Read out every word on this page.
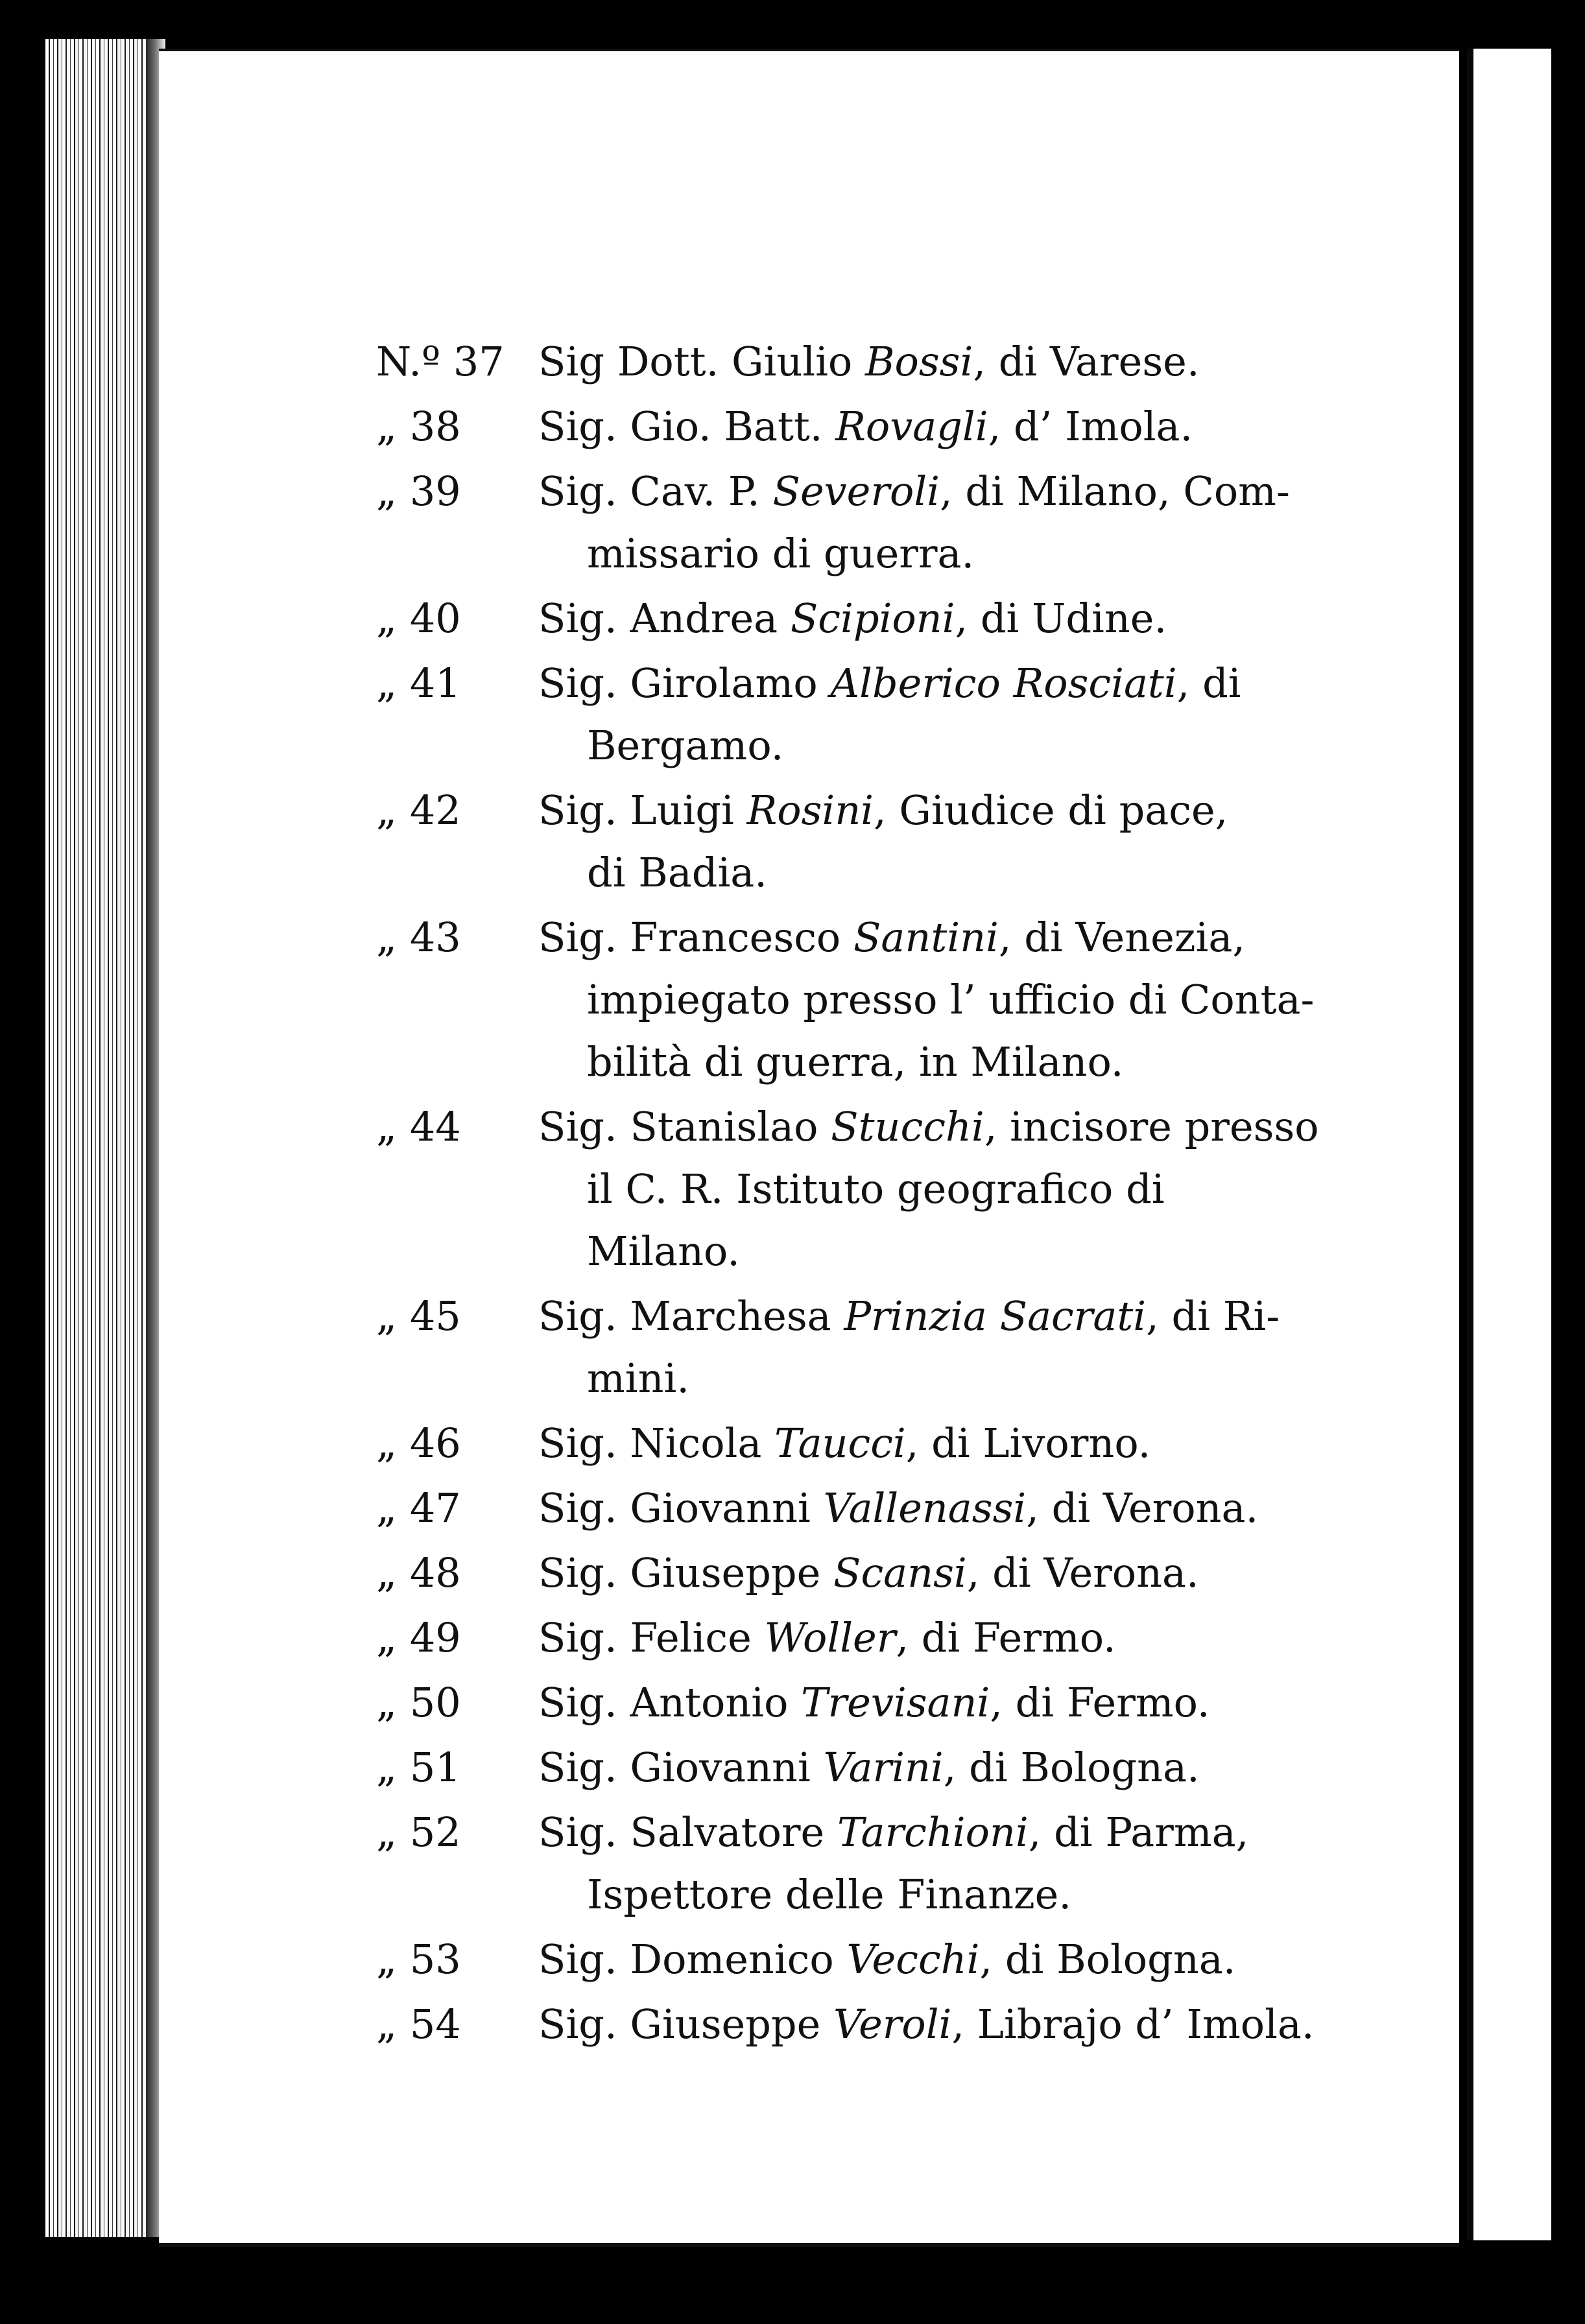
N.º 37 Sig Dott. Giulio Bossi, di Varese.
„ 38	Sig. Gio. Batt. Rovagli, d’ Imola.
„ 39	Sig. Cav. P. Severoli, di Milano, Com-
missario di guerra.
„ 40	Sig. Andrea Scipioni, di Udine.
„ 41	Sig. Girolamo Alberico Rosciati, di
Bergamo.
„ 42	Sig. Luigi Rosini, Giudice di pace,
di Badia.
„ 43	Sig. Francesco Santini, di Venezia,
impiegato presso l’ ufficio di Conta-bilità di guerra, in Milano.
„ 44	Sig. Stanislao Stucchi, incisore presso
il C. R. Istituto geografico di Milano.
„ 45	Sig. Marchesa Prinzia Sacrati, di Ri-
mini.
„ 46	Sig. Nicola Taucci, di Livorno.
„ 47	Sig. Giovanni Vallenassi, di Verona.
„ 48	Sig. Giuseppe Scansi, di Verona.
„ 49	Sig. Felice Woller, di Fermo.
„ 50	Sig. Antonio Trevisani, di Fermo.
„ 51	Sig. Giovanni Varini, di Bologna.
„ 52	Sig. Salvatore Tarchioni, di Parma,
Ispettore delle Finanze.
„ 53	Sig. Domenico Vecchi, di Bologna.
„ 54	Sig. Giuseppe Veroli, Librajo d’ Imola.
